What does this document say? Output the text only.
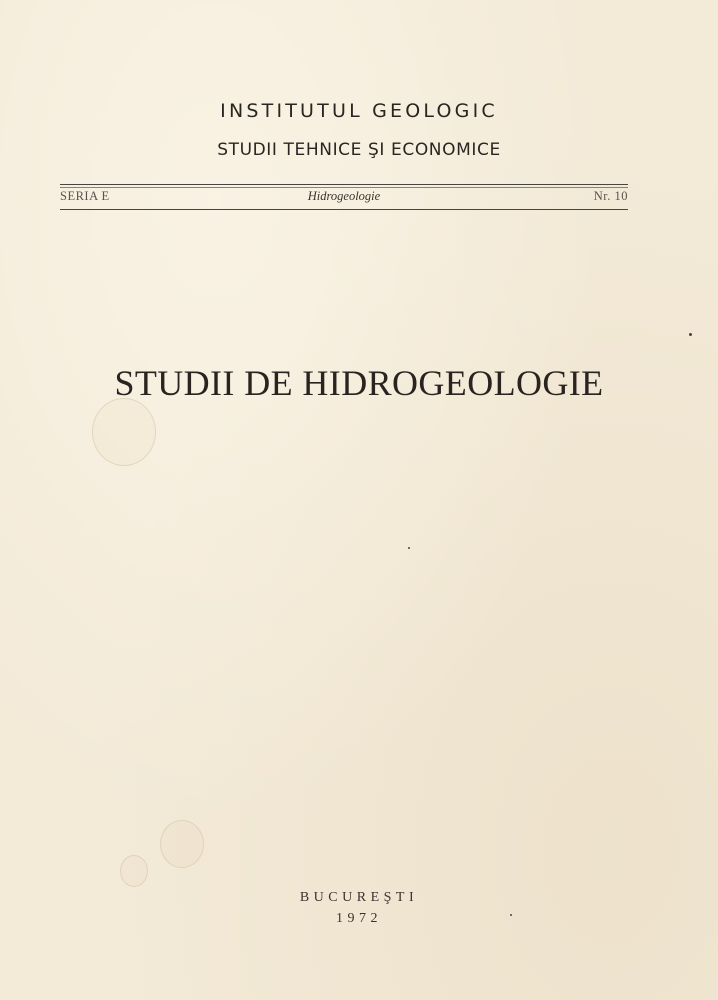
INSTITUTUL GEOLOGIC
STUDII TEHNICE ŞI ECONOMICE
SERIA E	Hidrogeologie	Nr. 10
STUDII DE HIDROGEOLOGIE
BUCUREŞTI
1972
